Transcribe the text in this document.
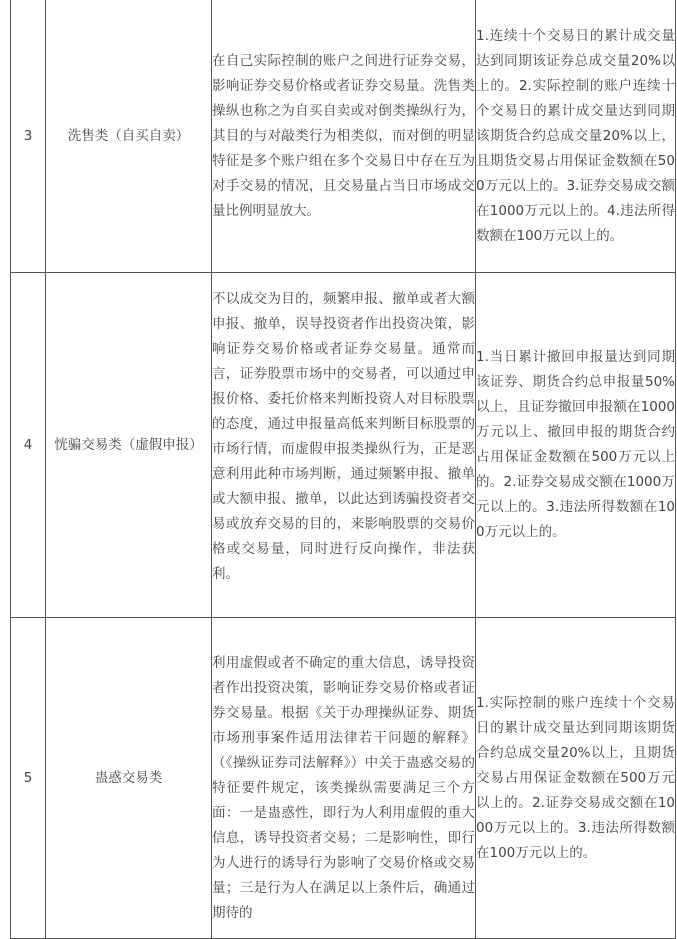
3	洗售类（自买自卖）	在自己实际控制的账户之间进行证券交易，影响证券交易价格或者证券交易量。洗售类操纵也称之为自买自卖或对倒类操纵行为，其目的与对敲类行为相类似，而对倒的明显特征是多个账户组在多个交易日中存在互为对手交易的情况，且交易量占当日市场成交量比例明显放大。	1.连续十个交易日的累计成交量达到同期该证券总成交量20%以上的。2.实际控制的账户连续十个交易日的累计成交量达到同期该期货合约总成交量20%以上，且期货交易占用保证金数额在500万元以上的。3.证券交易成交额在1000万元以上的。4.违法所得数额在100万元以上的。

4	恍骗交易类（虚假申报）	不以成交为目的，频繁申报、撤单或者大额申报、撤单，误导投资者作出投资决策，影响证券交易价格或者证券交易量。通常而言，证券股票市场中的交易者，可以通过申报价格、委托价格来判断投资人对目标股票的态度，通过申报量高低来判断目标股票的市场行情，而虚假申报类操纵行为，正是恶意利用此种市场判断，通过频繁申报、撤单或大额申报、撤单，以此达到诱骗投资者交易或放弃交易的目的，来影响股票的交易价格或交易量，同时进行反向操作，非法获利。	1.当日累计撤回申报量达到同期该证券、期货合约总申报量50%以上，且证券撤回申报额在1000万元以上、撤回申报的期货合约占用保证金数额在500万元以上的。2.证券交易成交额在1000万元以上的。3.违法所得数额在100万元以上的。

5	蛊惑交易类	利用虚假或者不确定的重大信息，诱导投资者作出投资决策，影响证券交易价格或者证券交易量。根据《关于办理操纵证券、期货市场刑事案件适用法律若干问题的解释》（《操纵证券司法解释》）中关于蛊惑交易的特征要件规定，该类操纵需要满足三个方面：一是蛊惑性，即行为人利用虚假的重大信息，诱导投资者交易；二是影响性，即行为人进行的诱导行为影响了交易价格或交易量；三是行为人在满足以上条件后，确通过期待的	1.实际控制的账户连续十个交易日的累计成交量达到同期该期货合约总成交量20%以上，且期货交易占用保证金数额在500万元以上的。2.证券交易成交额在1000万元以上的。3.违法所得数额在100万元以上的。
